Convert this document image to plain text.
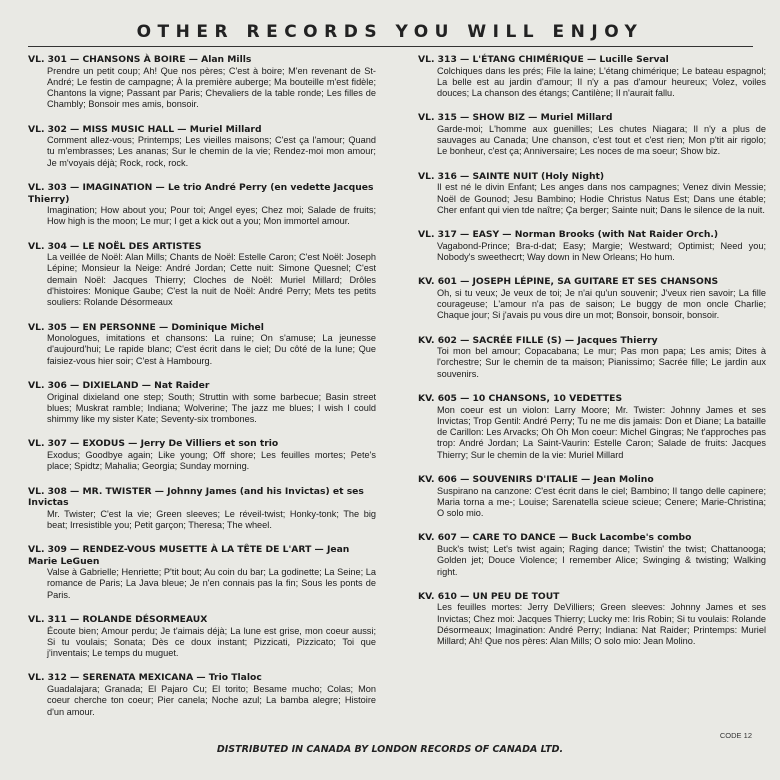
OTHER RECORDS YOU WILL ENJOY
VL. 301 — CHANSONS À BOIRE — Alan Mills
Prendre un petit coup; Ah! Que nos pères; C'est à boire; M'en revenant de St-André; Le festin de campagne; À la première auberge; Ma bouteille m'est fidèle; Chantons la vigne; Passant par Paris; Chevaliers de la table ronde; Les filles de Chambly; Bonsoir mes amis, bonsoir.
VL. 302 — MISS MUSIC HALL — Muriel Millard
Comment allez-vous; Printemps; Les vieilles maisons; C'est ça l'amour; Quand tu m'embrasses; Les ananas; Sur le chemin de la vie; Rendez-moi mon amour; Je m'voyais déjà; Rock, rock, rock.
VL. 303 — IMAGINATION — Le trio André Perry (en vedette Jacques Thierry)
Imagination; How about you; Pour toi; Angel eyes; Chez moi; Salade de fruits; How high is the moon; Le mur; I get a kick out a you; Mon immortel amour.
VL. 304 — LE NOËL DES ARTISTES
La veillée de Noël: Alan Mills; Chants de Noël: Estelle Caron; C'est Noël: Joseph Lépine; Monsieur la Neige: André Jordan; Cette nuit: Simone Quesnel; C'est demain Noël: Jacques Thierry; Cloches de Noël: Muriel Millard; Drôles d'histoires: Monique Gaube; C'est la nuit de Noël: André Perry; Mets tes petits souliers: Rolande Désormeaux
VL. 305 — EN PERSONNE — Dominique Michel
Monologues, imitations et chansons: La ruine; On s'amuse; La jeunesse d'aujourd'hui; Le rapide blanc; C'est écrit dans le ciel; Du côté de la lune; Que faisiez-vous hier soir; C'est à Hambourg.
VL. 306 — DIXIELAND — Nat Raider
Original dixieland one step; South; Struttin with some barbecue; Basin street blues; Muskrat ramble; Indiana; Wolverine; The jazz me blues; I wish I could shimmy like my sister Kate; Seventy-six trombones.
VL. 307 — EXODUS — Jerry De Villiers et son trio
Exodus; Goodbye again; Like young; Off shore; Les feuilles mortes; Pete's place; Spidtz; Mahalia; Georgia; Sunday morning.
VL. 308 — MR. TWISTER — Johnny James (and his Invictas) et ses Invictas
Mr. Twister; C'est la vie; Green sleeves; Le réveil-twist; Honky-tonk; The big beat; Irresistible you; Petit garçon; Theresa; The wheel.
VL. 309 — RENDEZ-VOUS MUSETTE À LA TÊTE DE L'ART — Jean Marie LeGuen
Valse à Gabrielle; Henriette; P'tit bout; Au coin du bar; La godinette; La Seine; La romance de Paris; La Java bleue; Je n'en connais pas la fin; Sous les ponts de Paris.
VL. 311 — ROLANDE DÉSORMEAUX
Écoute bien; Amour perdu; Je t'aimais déjà; La lune est grise, mon coeur aussi; Si tu voulais; Sonata; Dès ce doux instant; Pizzicati, Pizzicato; Toi que j'inventais; Le temps du muguet.
VL. 312 — SERENATA MEXICANA — Trio Tlaloc
Guadalajara; Granada; El Pajaro Cu; El torito; Besame mucho; Colas; Mon coeur cherche ton coeur; Pier canela; Noche azul; La bamba alegre; Histoire d'un amour.
VL. 313 — L'ÉTANG CHIMÉRIQUE — Lucille Serval
Colchiques dans les prés; File la laine; L'étang chimérique; Le bateau espagnol; La belle est au jardin d'amour; Il n'y a pas d'amour heureux; Volez, voiles douces; La chanson des étangs; Cantilène; Il n'aurait fallu.
VL. 315 — SHOW BIZ — Muriel Millard
Garde-moi; L'homme aux guenilles; Les chutes Niagara; Il n'y a plus de sauvages au Canada; Une chanson, c'est tout et c'est rien; Mon p'tit air rigolo; Le bonheur, c'est ça; Anniversaire; Les noces de ma soeur; Show biz.
VL. 316 — SAINTE NUIT (Holy Night)
Il est né le divin Enfant; Les anges dans nos campagnes; Venez divin Messie; Noël de Gounod; Jesu Bambino; Hodie Christus Natus Est; Dans une étable; Cher enfant qui vien tde naître; Ça berger; Sainte nuit; Dans le silence de la nuit.
VL. 317 — EASY — Norman Brooks (with Nat Raider Orch.)
Vagabond-Prince; Bra-d-dat; Easy; Margie; Westward; Optimist; Need you; Nobody's sweethecrt; Way down in New Orleans; Ho hum.
KV. 601 — JOSEPH LÉPINE, SA GUITARE ET SES CHANSONS
Oh, si tu veux; Je veux de toi; Je n'ai qu'un souvenir; J'veux rien savoir; La fille courageuse; L'amour n'a pas de saison; Le buggy de mon oncle Charlie; Chaque jour; Si j'avais pu vous dire un mot; Bonsoir, bonsoir, bonsoir.
KV. 602 — SACRÉE FILLE (S) — Jacques Thierry
Toi mon bel amour; Copacabana; Le mur; Pas mon papa; Les amis; Dites à l'orchestre; Sur le chemin de ta maison; Pianissimo; Sacrée fille; Le jardin aux souvenirs.
KV. 605 — 10 CHANSONS, 10 VEDETTES
Mon coeur est un violon: Larry Moore; Mr. Twister: Johnny James et ses Invictas; Trop Gentil: André Perry; Tu ne me dis jamais: Don et Diane; La bataille de Carillon: Les Arvacks; Oh Oh Mon coeur: Michel Gingras; Ne t'approches pas trop: André Jordan; La Saint-Vaurin: Estelle Caron; Salade de fruits: Jacques Thierry; Sur le chemin de la vie: Muriel Millard
KV. 606 — SOUVENIRS D'ITALIE — Jean Molino
Suspirano na canzone: C'est écrit dans le ciel; Bambino; Il tango delle capinere; Maria torna a me-; Louise; Sarenatella scieue scieue; Cenere; Marie-Christina; O solo mio.
KV. 607 — CARE TO DANCE — Buck Lacombe's combo
Buck's twist; Let's twist again; Raging dance; Twistin' the twist; Chattanooga; Golden jet; Douce Violence; I remember Alice; Swinging & twisting; Walking right.
KV. 610 — UN PEU DE TOUT
Les feuilles mortes: Jerry DeVilliers; Green sleeves: Johnny James et ses Invictas; Chez moi: Jacques Thierry; Lucky me: Iris Robin; Si tu voulais: Rolande Désormeaux; Imagination: André Perry; Indiana: Nat Raider; Printemps: Muriel Millard; Ah! Que nos pères: Alan Mills; O solo mio: Jean Molino.
CODE 12
DISTRIBUTED IN CANADA BY LONDON RECORDS OF CANADA LTD.
